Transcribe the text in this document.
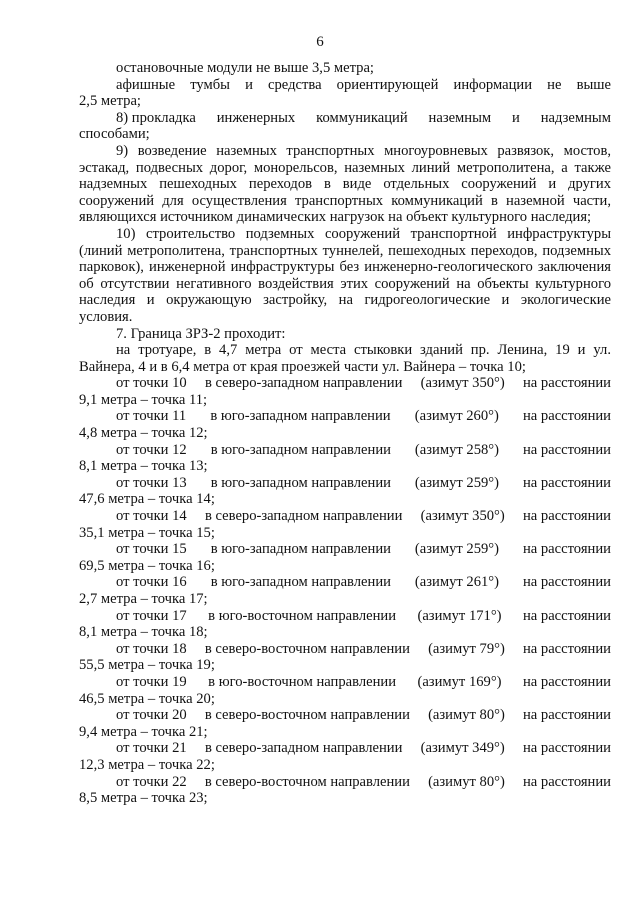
6
остановочные модули не выше 3,5 метра;
афишные тумбы и средства ориентирующей информации не выше
2,5 метра;
8) прокладка инженерных коммуникаций наземным и надземным
способами;

9) возведение наземных транспортных многоуровневых развязок, мостов, эстакад, подвесных дорог, монорельсов, наземных линий метрополитена, а также надземных пешеходных переходов в виде отдельных сооружений и других сооружений для осуществления транспортных коммуникаций в наземной части, являющихся источником динамических нагрузок на объект культурного наследия;

10) строительство подземных сооружений транспортной инфраструктуры (линий метрополитена, транспортных туннелей, пешеходных переходов, подземных парковок), инженерной инфраструктуры без инженерно-геологического заключения об отсутствии негативного воздействия этих сооружений на объекты культурного наследия и окружающую застройку, на гидрогеологические и экологические условия.

7. Граница ЗРЗ-2 проходит:

на тротуаре, в 4,7 метра от места стыковки зданий пр. Ленина, 19 и ул. Вайнера, 4 и в 6,4 метра от края проезжей части ул. Вайнера – точка 10;

от точки 10 в северо-западном направлении (азимут 350°) на расстоянии
9,1 метра – точка 11;
от точки 11 в юго-западном направлении (азимут 260°) на расстоянии
4,8 метра – точка 12;
от точки 12 в юго-западном направлении (азимут 258°) на расстоянии
8,1 метра – точка 13;
от точки 13 в юго-западном направлении (азимут 259°) на расстоянии
47,6 метра – точка 14;
от точки 14 в северо-западном направлении (азимут 350°) на расстоянии
35,1 метра – точка 15;
от точки 15 в юго-западном направлении (азимут 259°) на расстоянии
69,5 метра – точка 16;
от точки 16 в юго-западном направлении (азимут 261°) на расстоянии
2,7 метра – точка 17;
от точки 17 в юго-восточном направлении (азимут 171°) на расстоянии
8,1 метра – точка 18;
от точки 18 в северо-восточном направлении (азимут 79°) на расстоянии
55,5 метра – точка 19;
от точки 19 в юго-восточном направлении (азимут 169°) на расстоянии
46,5 метра – точка 20;
от точки 20 в северо-восточном направлении (азимут 80°) на расстоянии
9,4 метра – точка 21;
от точки 21 в северо-западном направлении (азимут 349°) на расстоянии
12,3 метра – точка 22;
от точки 22 в северо-восточном направлении (азимут 80°) на расстоянии
8,5 метра – точка 23;
